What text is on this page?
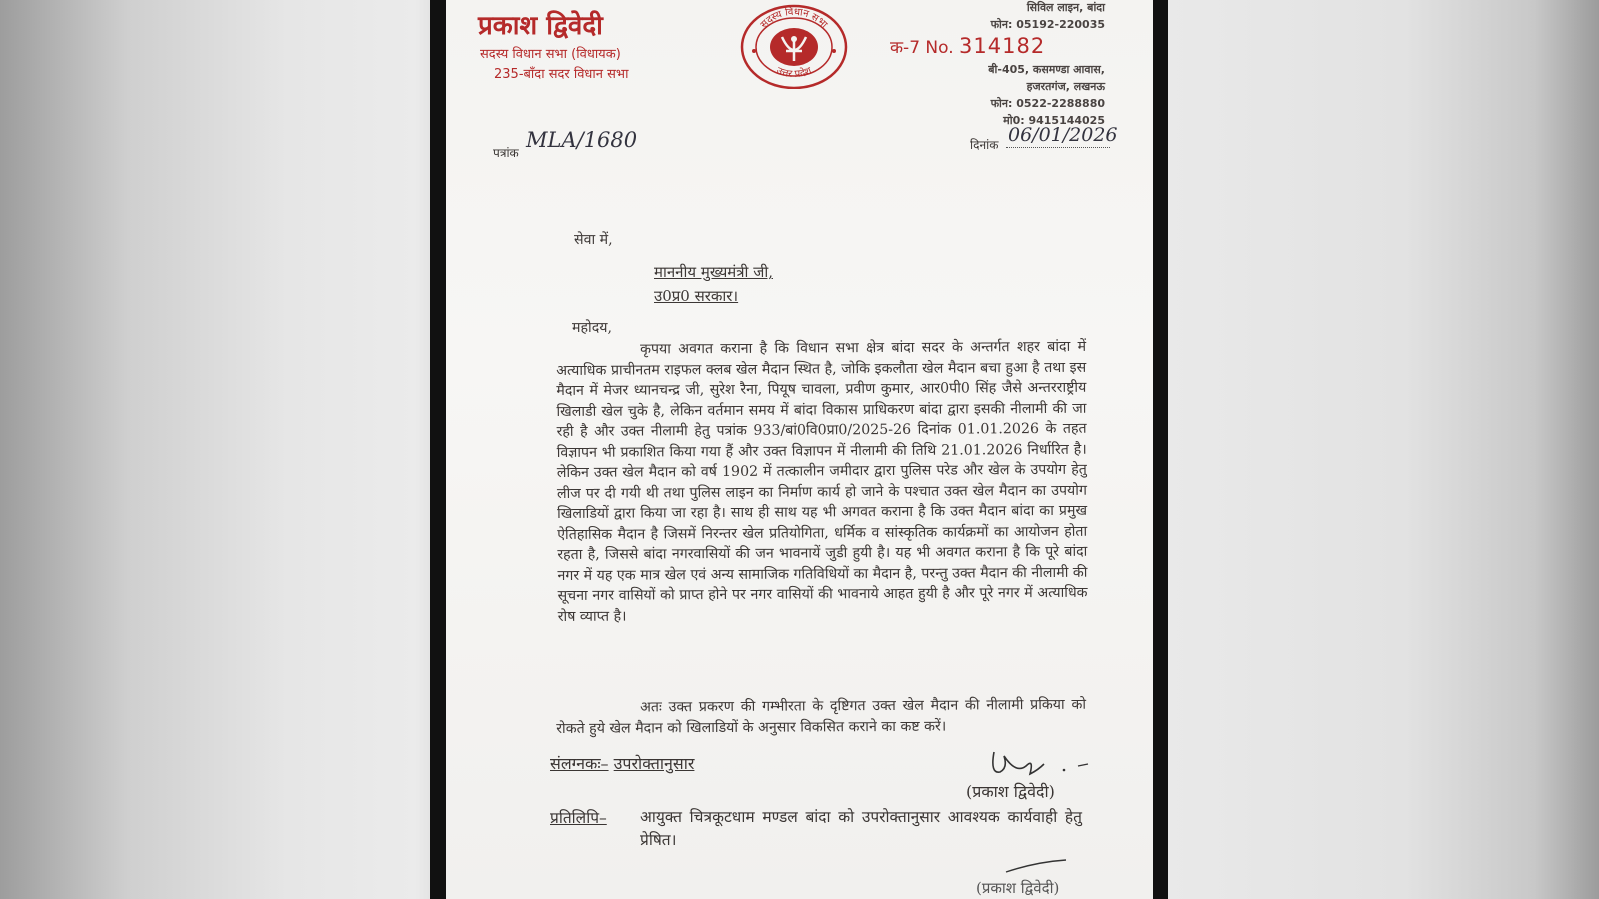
प्रकाश द्विवेदी
सदस्य विधान सभा (विधायक)
235-बाँदा सदर विधान सभा
सदस्य विधान सभा
उत्तर प्रदेश
सिविल लाइन, बांदा
फोन: 05192-220035
क-7 No. 314182
बी-405, कसमण्डा आवास,
हजरतगंज, लखनऊ
फोन: 0522-2288880
मो0: 9415144025
पत्रांक
MLA/1680	दिनांक 06/01/2026
सेवा में,
माननीय मुख्यमंत्री जी,
उ0प्र0 सरकार।
महोदय,
कृपया अवगत कराना है कि विधान सभा क्षेत्र बांदा सदर के अन्तर्गत शहर बांदा में अत्याधिक प्राचीनतम राइफल क्लब खेल मैदान स्थित है, जोकि इकलौता खेल मैदान बचा हुआ है तथा इस मैदान में मेजर ध्यानचन्द्र जी, सुरेश रैना, पियूष चावला, प्रवीण कुमार, आर0पी0 सिंह जैसे अन्तरराष्ट्रीय खिलाडी खेल चुके है, लेकिन वर्तमान समय में बांदा विकास प्राधिकरण बांदा द्वारा इसकी नीलामी की जा रही है और उक्त नीलामी हेतु पत्रांक 933/बां0वि0प्रा0/2025-26 दिनांक 01.01.2026 के तहत विज्ञापन भी प्रकाशित किया गया हैं और उक्त विज्ञापन में नीलामी की तिथि 21.01.2026 निर्धारित है। लेकिन उक्त खेल मैदान को वर्ष 1902 में तत्कालीन जमीदार द्वारा पुलिस परेड और खेल के उपयोग हेतु लीज पर दी गयी थी तथा पुलिस लाइन का निर्माण कार्य हो जाने के पश्चात उक्त खेल मैदान का उपयोग खिलाडियों द्वारा किया जा रहा है। साथ ही साथ यह भी अगवत कराना है कि उक्त मैदान बांदा का प्रमुख ऐतिहासिक मैदान है जिसमें निरन्तर खेल प्रतियोगिता, धर्मिक व सांस्कृतिक कार्यक्रमों का आयोजन होता रहता है, जिससे बांदा नगरवासियों की जन भावनायें जुडी हुयी है। यह भी अवगत कराना है कि पूरे बांदा नगर में यह एक मात्र खेल एवं अन्य सामाजिक गतिविधियों का मैदान है, परन्तु उक्त मैदान की नीलामी की सूचना नगर वासियों को प्राप्त होने पर नगर वासियों की भावनाये आहत हुयी है और पूरे नगर में अत्याधिक रोष व्याप्त है।
अतः उक्त प्रकरण की गम्भीरता के दृष्टिगत उक्त खेल मैदान की नीलामी प्रकिया को रोकते हुये खेल मैदान को खिलाडियों के अनुसार विकसित कराने का कष्ट करें।
संलग्नकः– उपरोक्तानुसार
(प्रकाश द्विवेदी)
प्रतिलिपि– आयुक्त चित्रकूटधाम मण्डल बांदा को उपरोक्तानुसार आवश्यक कार्यवाही हेतु प्रेषित।
(प्रकाश द्विवेदी)
